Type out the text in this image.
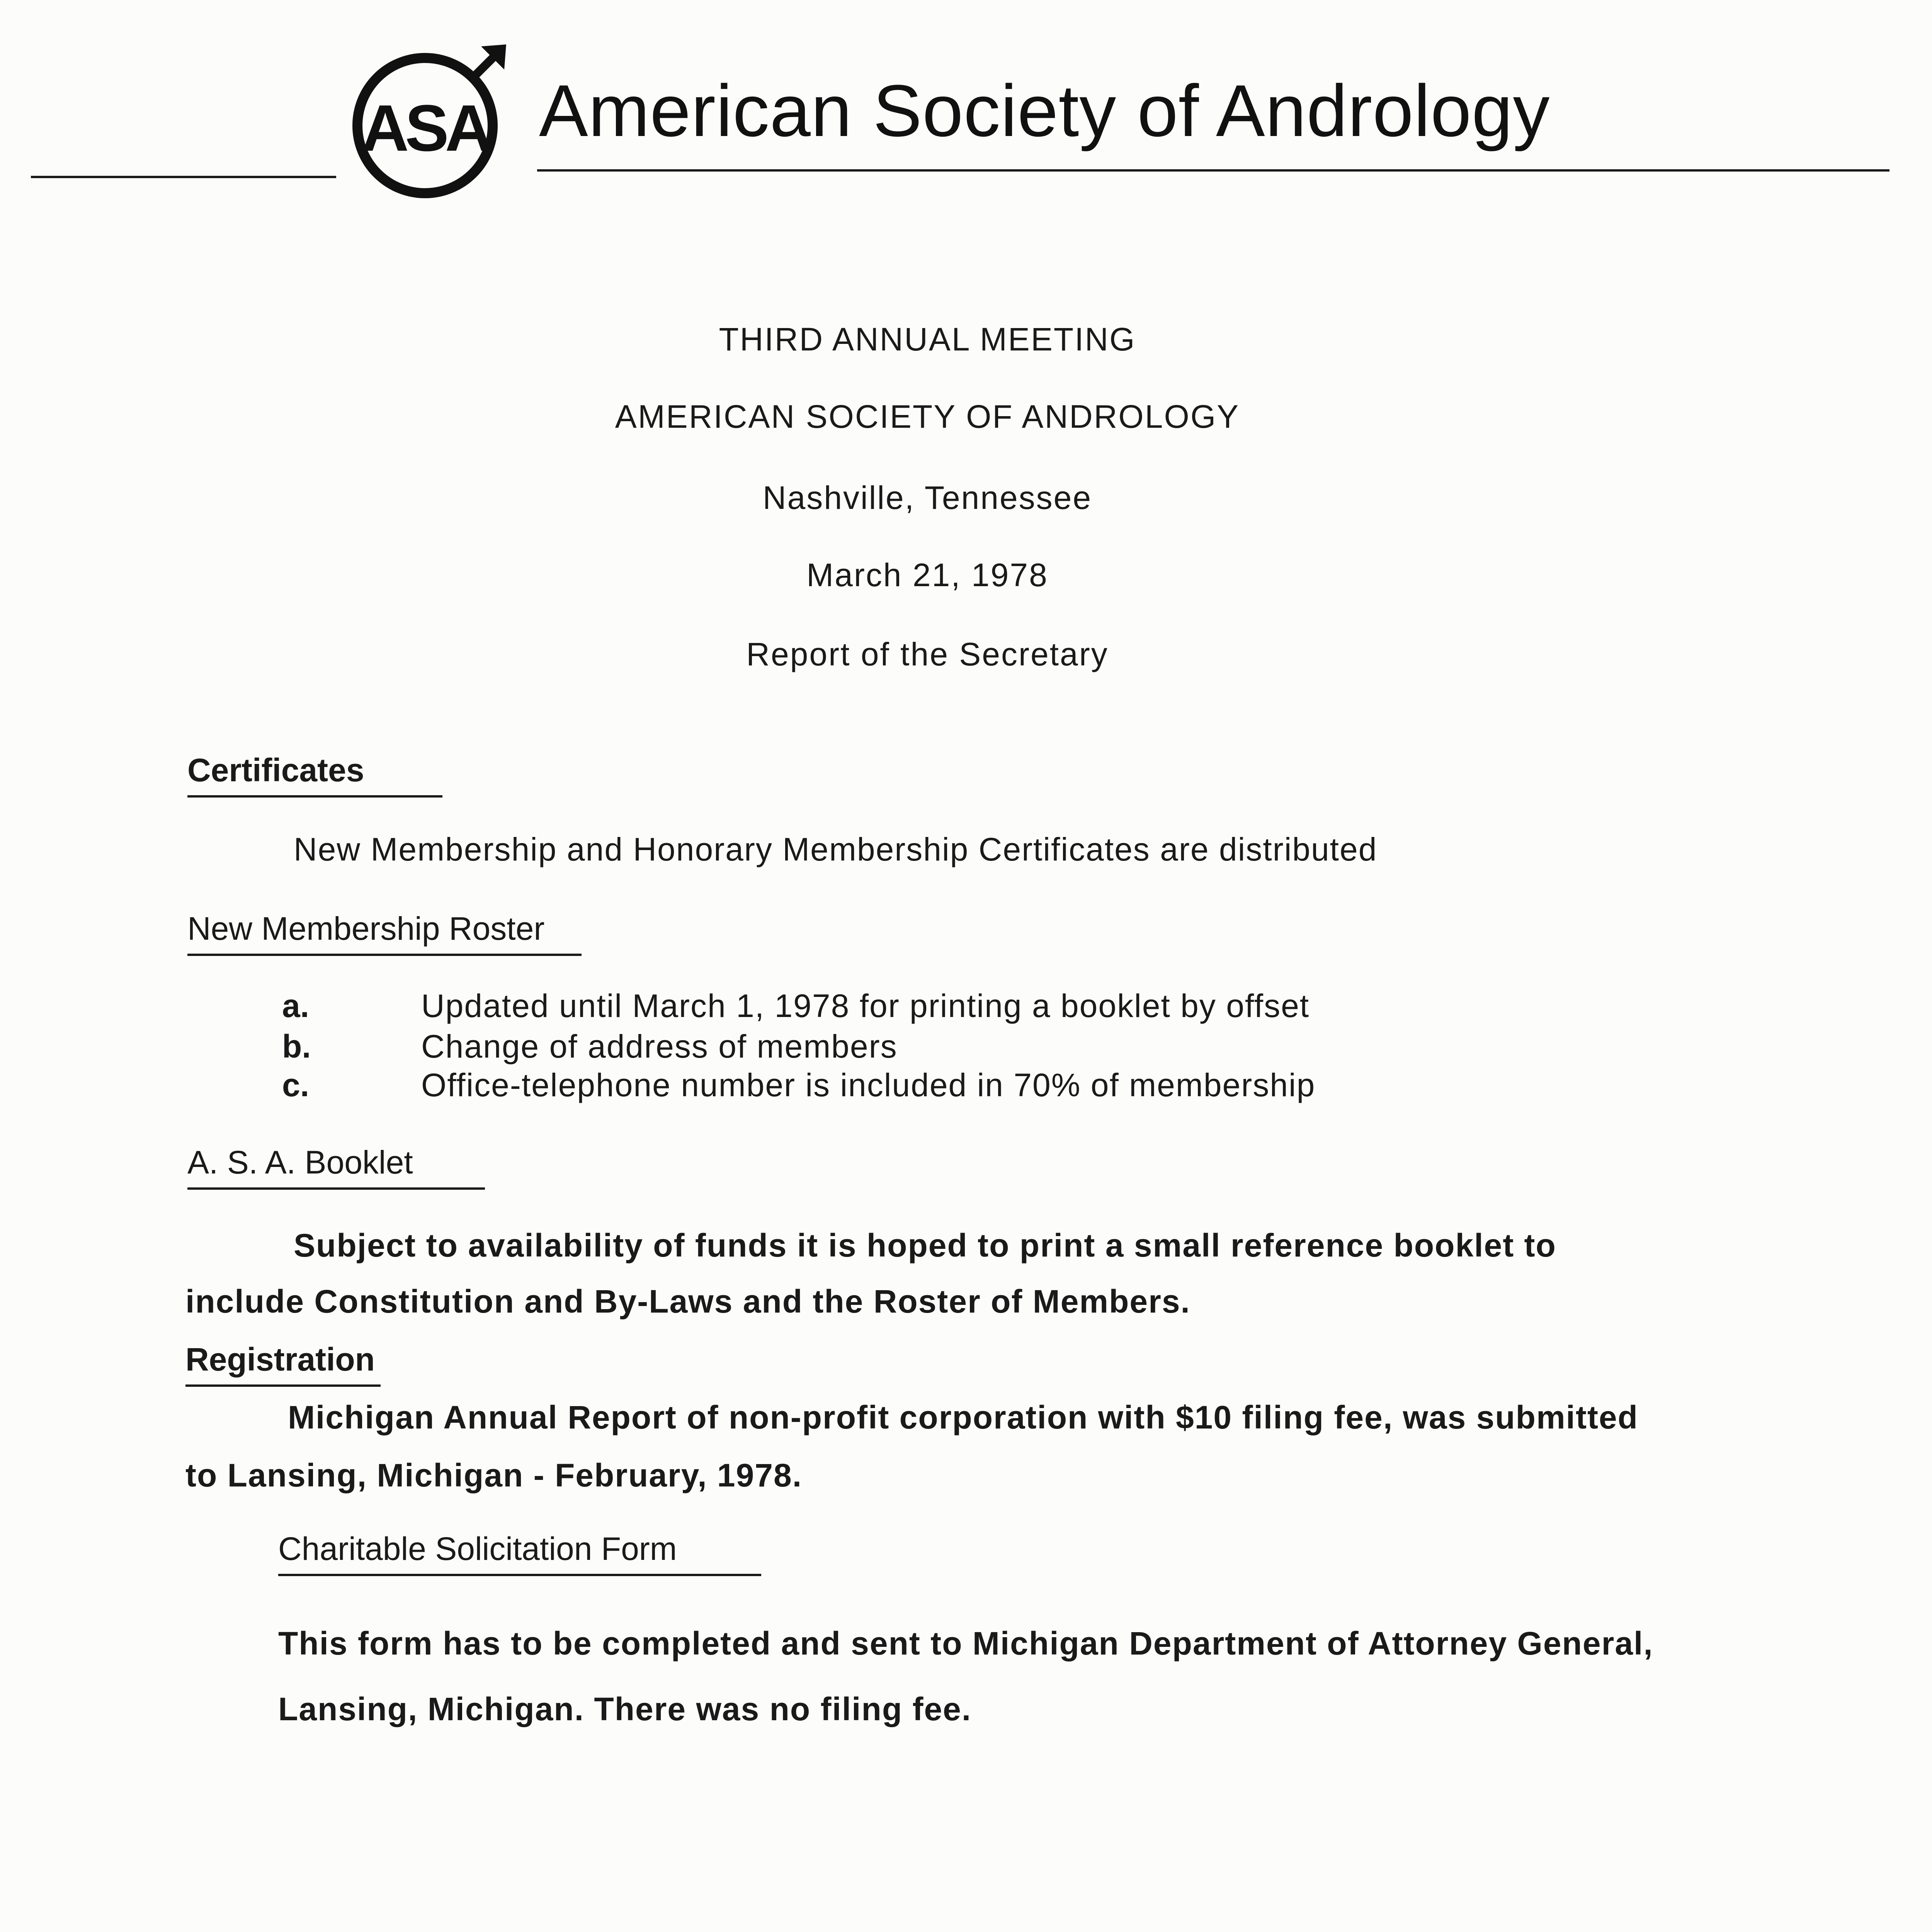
ASA American Society of Andrology
THIRD ANNUAL MEETING
AMERICAN SOCIETY OF ANDROLOGY
Nashville, Tennessee
March 21, 1978
Report of the Secretary
Certificates
New Membership and Honorary Membership Certificates are distributed
New Membership Roster
a.	Updated until March 1, 1978 for printing a booklet by offset
b.	Change of address of members
c.	Office-telephone number is included in 70% of membership
A. S. A. Booklet
Subject to availability of funds it is hoped to print a small reference booklet to
include Constitution and By-Laws and the Roster of Members.
Registration
Michigan Annual Report of non-profit corporation with $10 filing fee, was submitted
to Lansing, Michigan - February, 1978.
Charitable Solicitation Form
This form has to be completed and sent to Michigan Department of Attorney General,
Lansing, Michigan. There was no filing fee.
